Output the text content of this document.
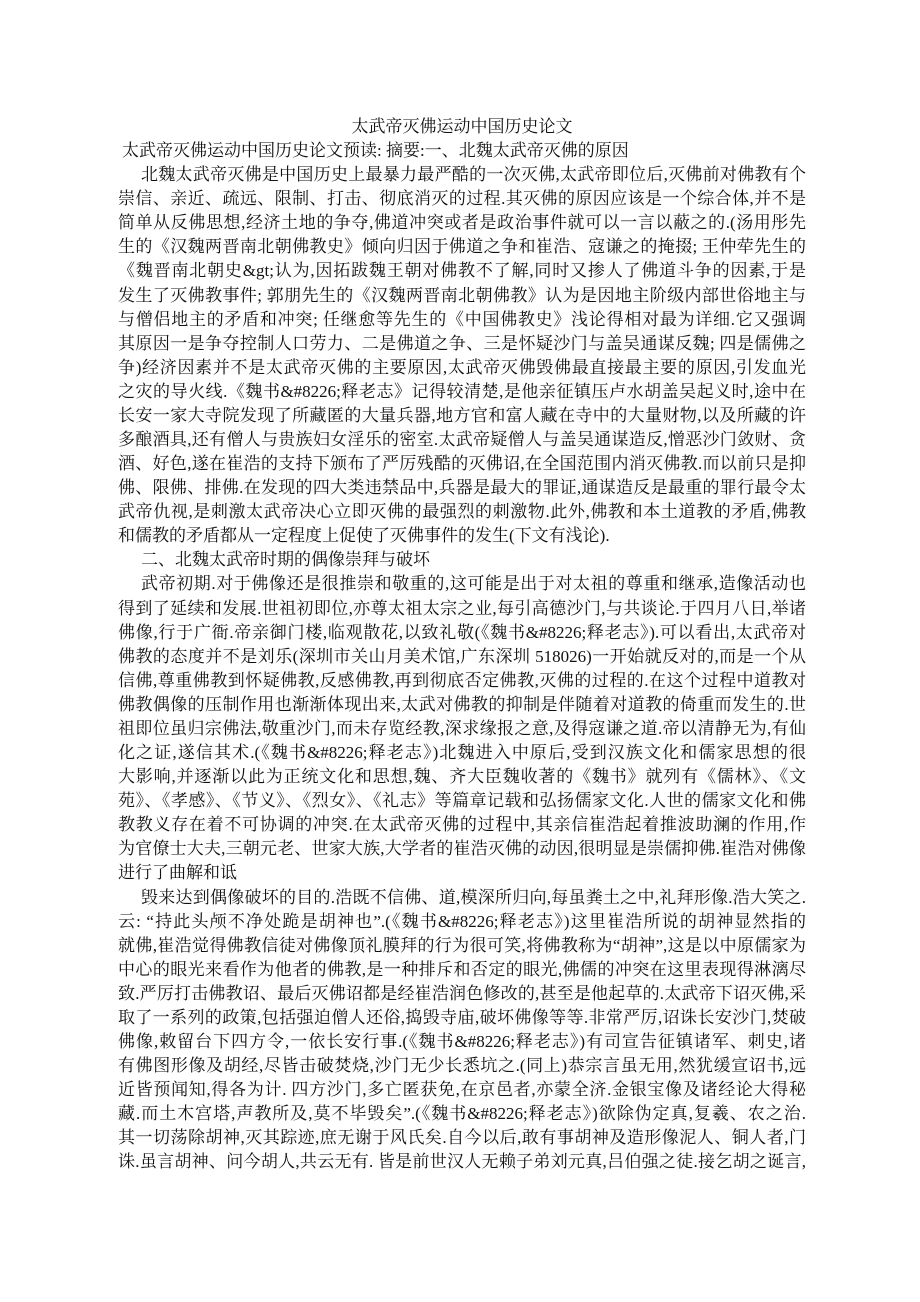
太武帝灭佛运动中国历史论文
太武帝灭佛运动中国历史论文预读: 摘要:一、北魏太武帝灭佛的原因
北魏太武帝灭佛是中国历史上最暴力最严酷的一次灭佛,太武帝即位后,灭佛前对佛教有个
崇信、亲近、疏远、限制、打击、彻底消灭的过程.其灭佛的原因应该是一个综合体,并不是
简单从反佛思想,经济土地的争夺,佛道冲突或者是政治事件就可以一言以蔽之的.(汤用彤先
生的《汉魏两晋南北朝佛教史》倾向归因于佛道之争和崔浩、寇谦之的掩掇; 王仲荦先生的
《魏晋南北朝史&gt;认为,因拓跋魏王朝对佛教不了解,同时又掺人了佛道斗争的因素,于是
发生了灭佛教事件; 郭朋先生的《汉魏两晋南北朝佛教》认为是因地主阶级内部世俗地主与
与僧侣地主的矛盾和冲突; 任继愈等先生的《中国佛教史》浅论得相对最为详细.它又强调
其原因一是争夺控制人口劳力、二是佛道之争、三是怀疑沙门与盖吴通谋反魏; 四是儒佛之
争)经济因素并不是太武帝灭佛的主要原因,太武帝灭佛毁佛最直接最主要的原因,引发血光
之灾的导火线.《魏书&#8226;释老志》记得较清楚,是他亲征镇压卢水胡盖吴起义时,途中在
长安一家大寺院发现了所藏匿的大量兵器,地方官和富人藏在寺中的大量财物,以及所藏的许
多酿酒具,还有僧人与贵族妇女淫乐的密室.太武帝疑僧人与盖吴通谋造反,憎恶沙门敛财、贪
酒、好色,遂在崔浩的支持下颁布了严厉残酷的灭佛诏,在全国范围内消灭佛教.而以前只是抑
佛、限佛、排佛.在发现的四大类违禁品中,兵器是最大的罪证,通谋造反是最重的罪行最令太
武帝仇视,是刺激太武帝决心立即灭佛的最强烈的刺激物.此外,佛教和本土道教的矛盾,佛教
和儒教的矛盾都从一定程度上促使了灭佛事件的发生(下文有浅论).
二、北魏太武帝时期的偶像崇拜与破坏
武帝初期.对于佛像还是很推崇和敬重的,这可能是出于对太祖的尊重和继承,造像活动也
得到了延续和发展.世祖初即位,亦尊太祖太宗之业,每引高德沙门,与共谈论.于四月八日,举诸
佛像,行于广衙.帝亲御门楼,临观散花,以致礼敬(《魏书&#8226;释老志》).可以看出,太武帝对
佛教的态度并不是刘乐(深圳市关山月美术馆,广东深圳 518026)一开始就反对的,而是一个从
信佛,尊重佛教到怀疑佛教,反感佛教,再到彻底否定佛教,灭佛的过程的.在这个过程中道教对
佛教偶像的压制作用也渐渐体现出来,太武对佛教的抑制是伴随着对道教的倚重而发生的.世
祖即位虽归宗佛法,敬重沙门,而未存览经教,深求缘报之意,及得寇谦之道.帝以清静无为,有仙
化之证,遂信其术.(《魏书&#8226;释老志》)北魏进入中原后,受到汉族文化和儒家思想的很
大影响,并逐渐以此为正统文化和思想,魏、齐大臣魏收著的《魏书》就列有《儒林》、《文
苑》、《孝感》、《节义》、《烈女》、《礼志》等篇章记载和弘扬儒家文化.人世的儒家文化和佛
教教义存在着不可协调的冲突.在太武帝灭佛的过程中,其亲信崔浩起着推波助澜的作用,作
为官僚士大夫,三朝元老、世家大族,大学者的崔浩灭佛的动因,很明显是崇儒抑佛.崔浩对佛像
进行了曲解和诋
毁来达到偶像破坏的目的.浩既不信佛、道,模深所归向,每虽粪土之中,礼拜形像.浩大笑之.
云: “持此头颅不净处跪是胡神也”.(《魏书&#8226;释老志》)这里崔浩所说的胡神显然指的
就佛,崔浩觉得佛教信徒对佛像顶礼膜拜的行为很可笑,将佛教称为“胡神”,这是以中原儒家为
中心的眼光来看作为他者的佛教,是一种排斥和否定的眼光,佛儒的冲突在这里表现得淋漓尽
致.严厉打击佛教诏、最后灭佛诏都是经崔浩润色修改的,甚至是他起草的.太武帝下诏灭佛,采
取了一系列的政策,包括强迫僧人还俗,捣毁寺庙,破坏佛像等等.非常严厉,诏诛长安沙门,焚破
佛像,敕留台下四方令,一依长安行事.(《魏书&#8226;释老志》)有司宣告征镇诸军、刺史,诸
有佛图形像及胡经,尽皆击破焚烧,沙门无少长悉坑之.(同上)恭宗言虽无用,然犹缓宣诏书,远
近皆预闻知,得各为计. 四方沙门,多亡匿获免,在京邑者,亦蒙全济.金银宝像及诸经论大得秘
藏.而土木宫塔,声教所及,莫不毕毁矣”.(《魏书&#8226;释老志》)欲除伪定真,复羲、农之治.
其一切荡除胡神,灭其踪迹,庶无谢于风氏矣.自今以后,敢有事胡神及造形像泥人、铜人者,门
诛.虽言胡神、问今胡人,共云无有. 皆是前世汉人无赖子弟刘元真,吕伯强之徒.接乞胡之诞言,
